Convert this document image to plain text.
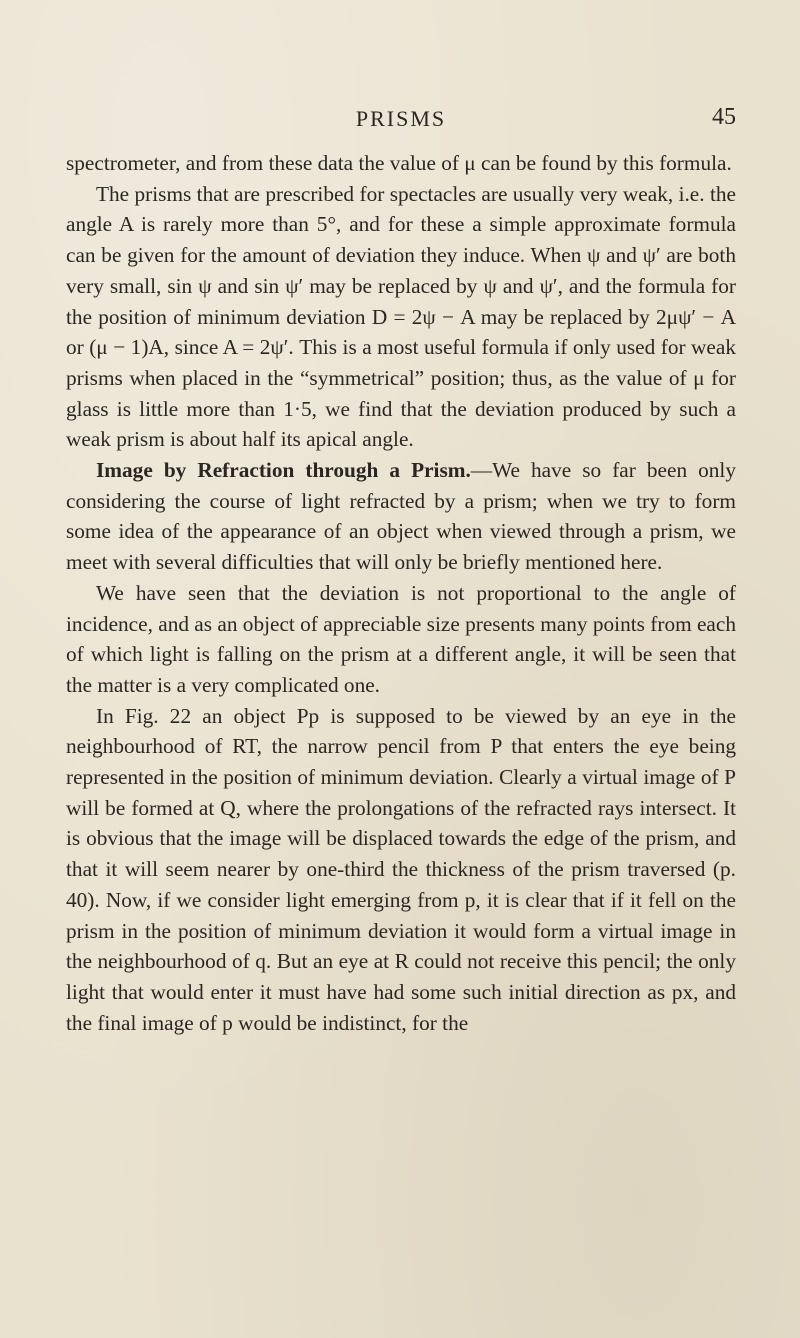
PRISMS	45

spectrometer, and from these data the value of μ can be found by this formula.

The prisms that are prescribed for spectacles are usually very weak, i.e. the angle A is rarely more than 5°, and for these a simple approximate formula can be given for the amount of deviation they induce. When ψ and ψ′ are both very small, sin ψ and sin ψ′ may be replaced by ψ and ψ′, and the formula for the position of minimum deviation D = 2ψ − A may be replaced by 2μψ′ − A or (μ − 1)A, since A = 2ψ′. This is a most useful formula if only used for weak prisms when placed in the “symmetrical” position; thus, as the value of μ for glass is little more than 1·5, we find that the deviation produced by such a weak prism is about half its apical angle.

Image by Refraction through a Prism.—We have so far been only considering the course of light refracted by a prism; when we try to form some idea of the appearance of an object when viewed through a prism, we meet with several difficulties that will only be briefly mentioned here.

We have seen that the deviation is not proportional to the angle of incidence, and as an object of appreciable size presents many points from each of which light is falling on the prism at a different angle, it will be seen that the matter is a very complicated one.

In Fig. 22 an object Pp is supposed to be viewed by an eye in the neighbourhood of RT, the narrow pencil from P that enters the eye being represented in the position of minimum deviation. Clearly a virtual image of P will be formed at Q, where the prolongations of the refracted rays intersect. It is obvious that the image will be displaced towards the edge of the prism, and that it will seem nearer by one-third the thickness of the prism traversed (p. 40). Now, if we consider light emerging from p, it is clear that if it fell on the prism in the position of minimum deviation it would form a virtual image in the neighbourhood of q. But an eye at R could not receive this pencil; the only light that would enter it must have had some such initial direction as px, and the final image of p would be indistinct, for the
